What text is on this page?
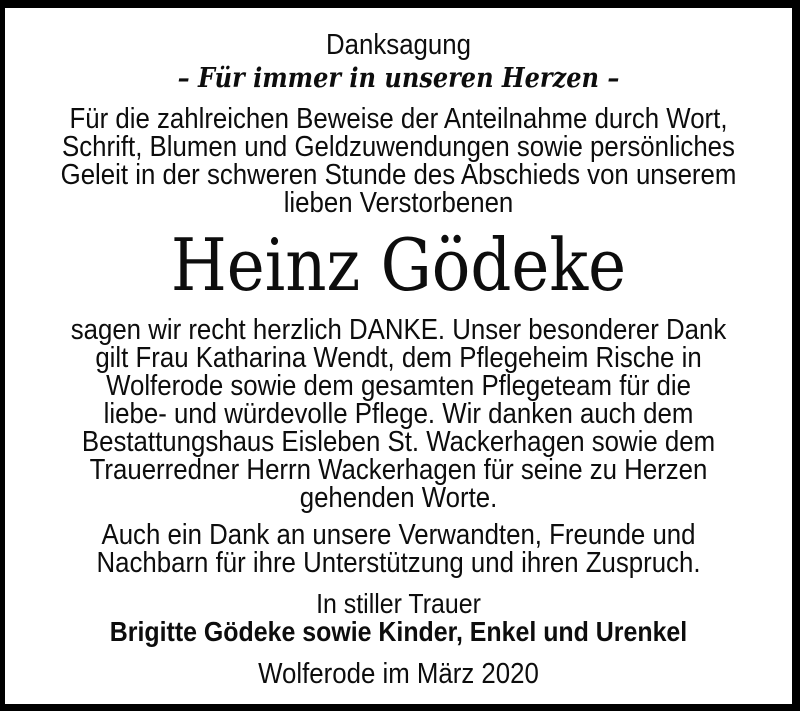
Danksagung
– Für immer in unseren Herzen –
Für die zahlreichen Beweise der Anteilnahme durch Wort,
Schrift, Blumen und Geldzuwendungen sowie persönliches
Geleit in der schweren Stunde des Abschieds von unserem
lieben Verstorbenen
Heinz Gödeke
sagen wir recht herzlich DANKE. Unser besonderer Dank
gilt Frau Katharina Wendt, dem Pflegeheim Rische in
Wolferode sowie dem gesamten Pflegeteam für die
liebe- und würdevolle Pflege. Wir danken auch dem
Bestattungshaus Eisleben St. Wackerhagen sowie dem
Trauerredner Herrn Wackerhagen für seine zu Herzen
gehenden Worte.
Auch ein Dank an unsere Verwandten, Freunde und
Nachbarn für ihre Unterstützung und ihren Zuspruch.
In stiller Trauer
Brigitte Gödeke sowie Kinder, Enkel und Urenkel
Wolferode im März 2020
